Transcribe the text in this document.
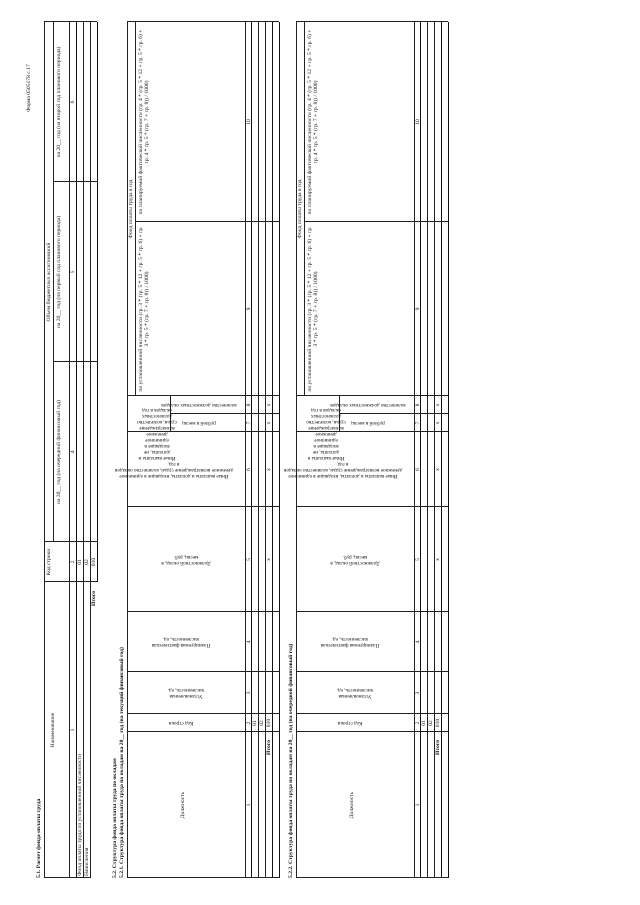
Форма 0505178 с.17
5.1. Расчет фонда оплаты труда
Наименование
Код строки
Объем бюджетных ассигнований
на 20__ год (на очередной финансовый год)
на 20__ год (на первый год планового периода)
на 20__ год (на второй год планового периода)
1
2
4
5
6
Фонд оплаты труда по установленной численности
01
Начисления
02
Итого
010
5.2. Структура фонда оплаты труда по окладам 5.2.1. Структура фонда оплаты труда по окладам на 20__ год (на текущий финансовый год)	Должность
Код строки
Установленная численность, ед.
Планируемая фактическая численность, ед.
Должностной оклад, в месяц, руб.
Иные выплаты и доплаты, входящие в единичное денежное вознаграждение судьи, количество окладов в год
Иные выплаты и доплаты, не входящие в единичное денежное вознаграждение судьи, количество должностных окладов в год
рублей в месяц
количество должностных окладов
Фонд оплаты труда в год
по установленной численности (гр. 3 * (гр. 5 * 12 + гр. 5 * гр. 6) + гр. 3 * гр. 5 * (гр. 7 + гр. 8)) / 1000)
по планируемой фактической численности (гр. 4 * (гр. 5 * 12 + гр. 5 * гр. 6) + гр. 4 * гр. 5 * (гр. 7 + гр. 8)) / 1000)
1
2
3
4
5
6
7
8
9
10
01 02
Итого
010
x
x
x
x
5.2.2. Структура фонда оплаты труда по окладам на 20__ год (на очередной финансовый год)	Должность
Код строки
Установленная численность, ед.
Планируемая фактическая численность, ед.
Должностной оклад, в месяц, руб.
Иные выплаты и доплаты, входящие в единичное денежное вознаграждение судьи, количество окладов в год
Иные выплаты и доплаты, не входящие в единичное денежное вознаграждение судьи, количество должностных окладов в год
рублей в месяц
количество должностных окладов
Фонд оплаты труда в год
по установленной численности (гр. 3 * (гр. 5 * 12 + гр. 5 * гр. 6) + гр. 3 * гр. 5 * (гр. 7 + гр. 8)) / 1000)
по планируемой фактической численности (гр. 4 * (гр. 5 * 12 + гр. 5 * гр. 6) + гр. 4 * гр. 5 * (гр. 7 + гр. 8)) / 1000)
1
2
3
4
5
6
7
8
9
10
01 02
Итого
010
x
x
x
x
